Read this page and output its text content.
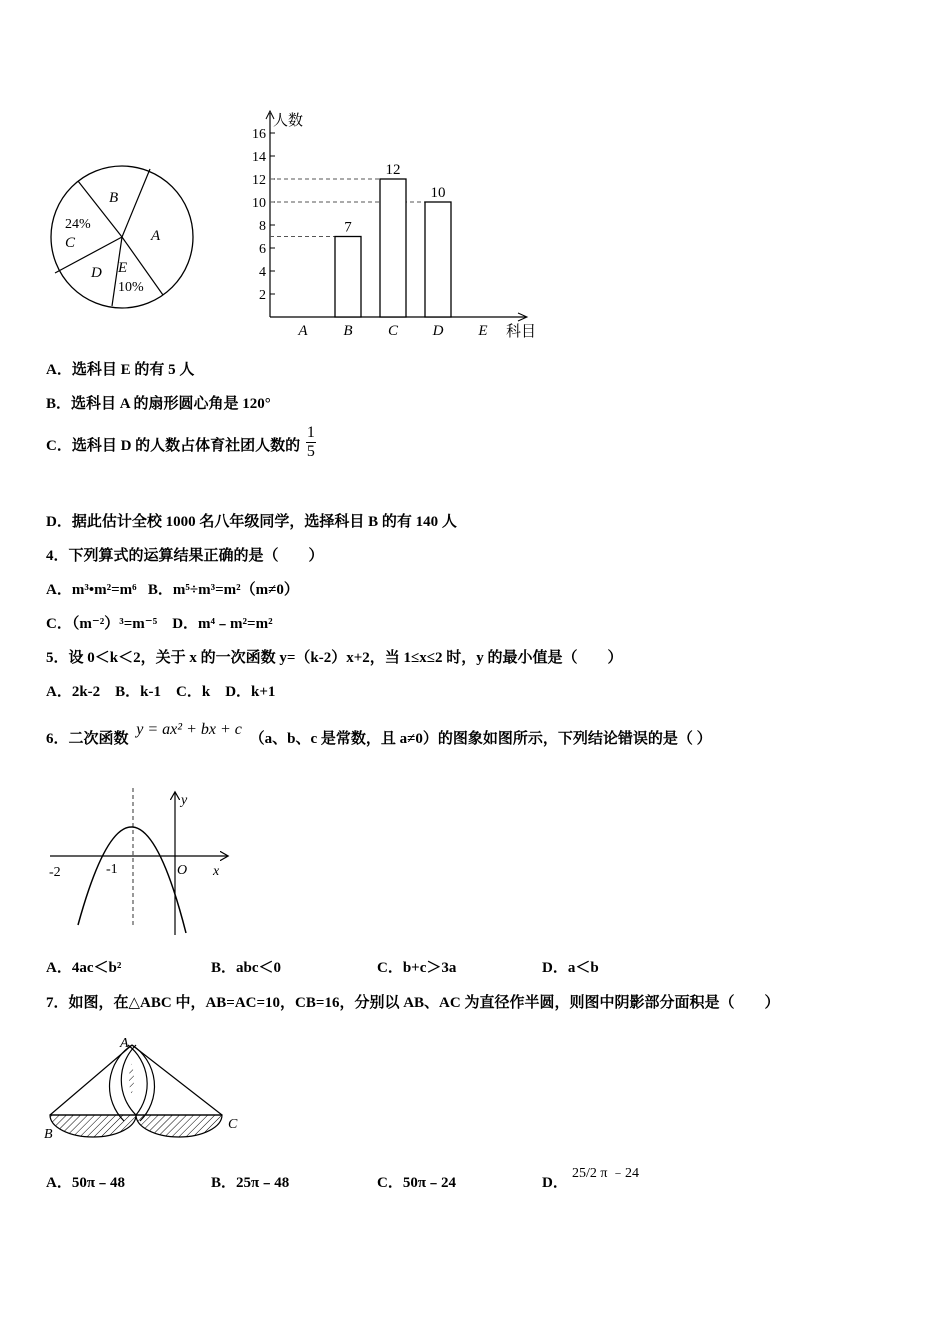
B
A
24%
C
D E
10%
人数
科目
2
4
6
8
10
12
14
16
A B
7
C
12
D
10
E
A．选科目 E 的有 5 人
B．选科目 A 的扇形圆心角是 120°
C．选科目 D 的人数占体育社团人数的 $\frac{1}{5}$
D．据此估计全校 1000 名八年级同学，选择科目 B 的有 140 人
4．下列算式的运算结果正确的是（　　）
A．m³•m²=m⁶ B．m⁵÷m³=m²（m≠0）
C．（m⁻²）³=m⁻⁵ D．m⁴﹣m²=m²
5．设 0＜k＜2，关于 x 的一次函数 y=（k-2）x+2，当 1≤x≤2 时，y 的最小值是（　　）
A．2k-2　B．k-1　C．k　D．k+1
6．二次函数 y = ax² + bx + c （a、b、c 是常数，且 a≠0）的图象如图所示，下列结论错误的是（ ）
y
x
O
-2	-1
A．4ac＜b²	B．abc＜0	C．b+c＞3a	D．a＜b
7．如图，在△ABC 中，AB=AC=10，CB=16，分别以 AB、AC 为直径作半圆，则图中阴影部分面积是（　　）
A
B
C
A．50π﹣48	B．25π﹣48	C．50π﹣24	D．
25/2 π ﹣24
